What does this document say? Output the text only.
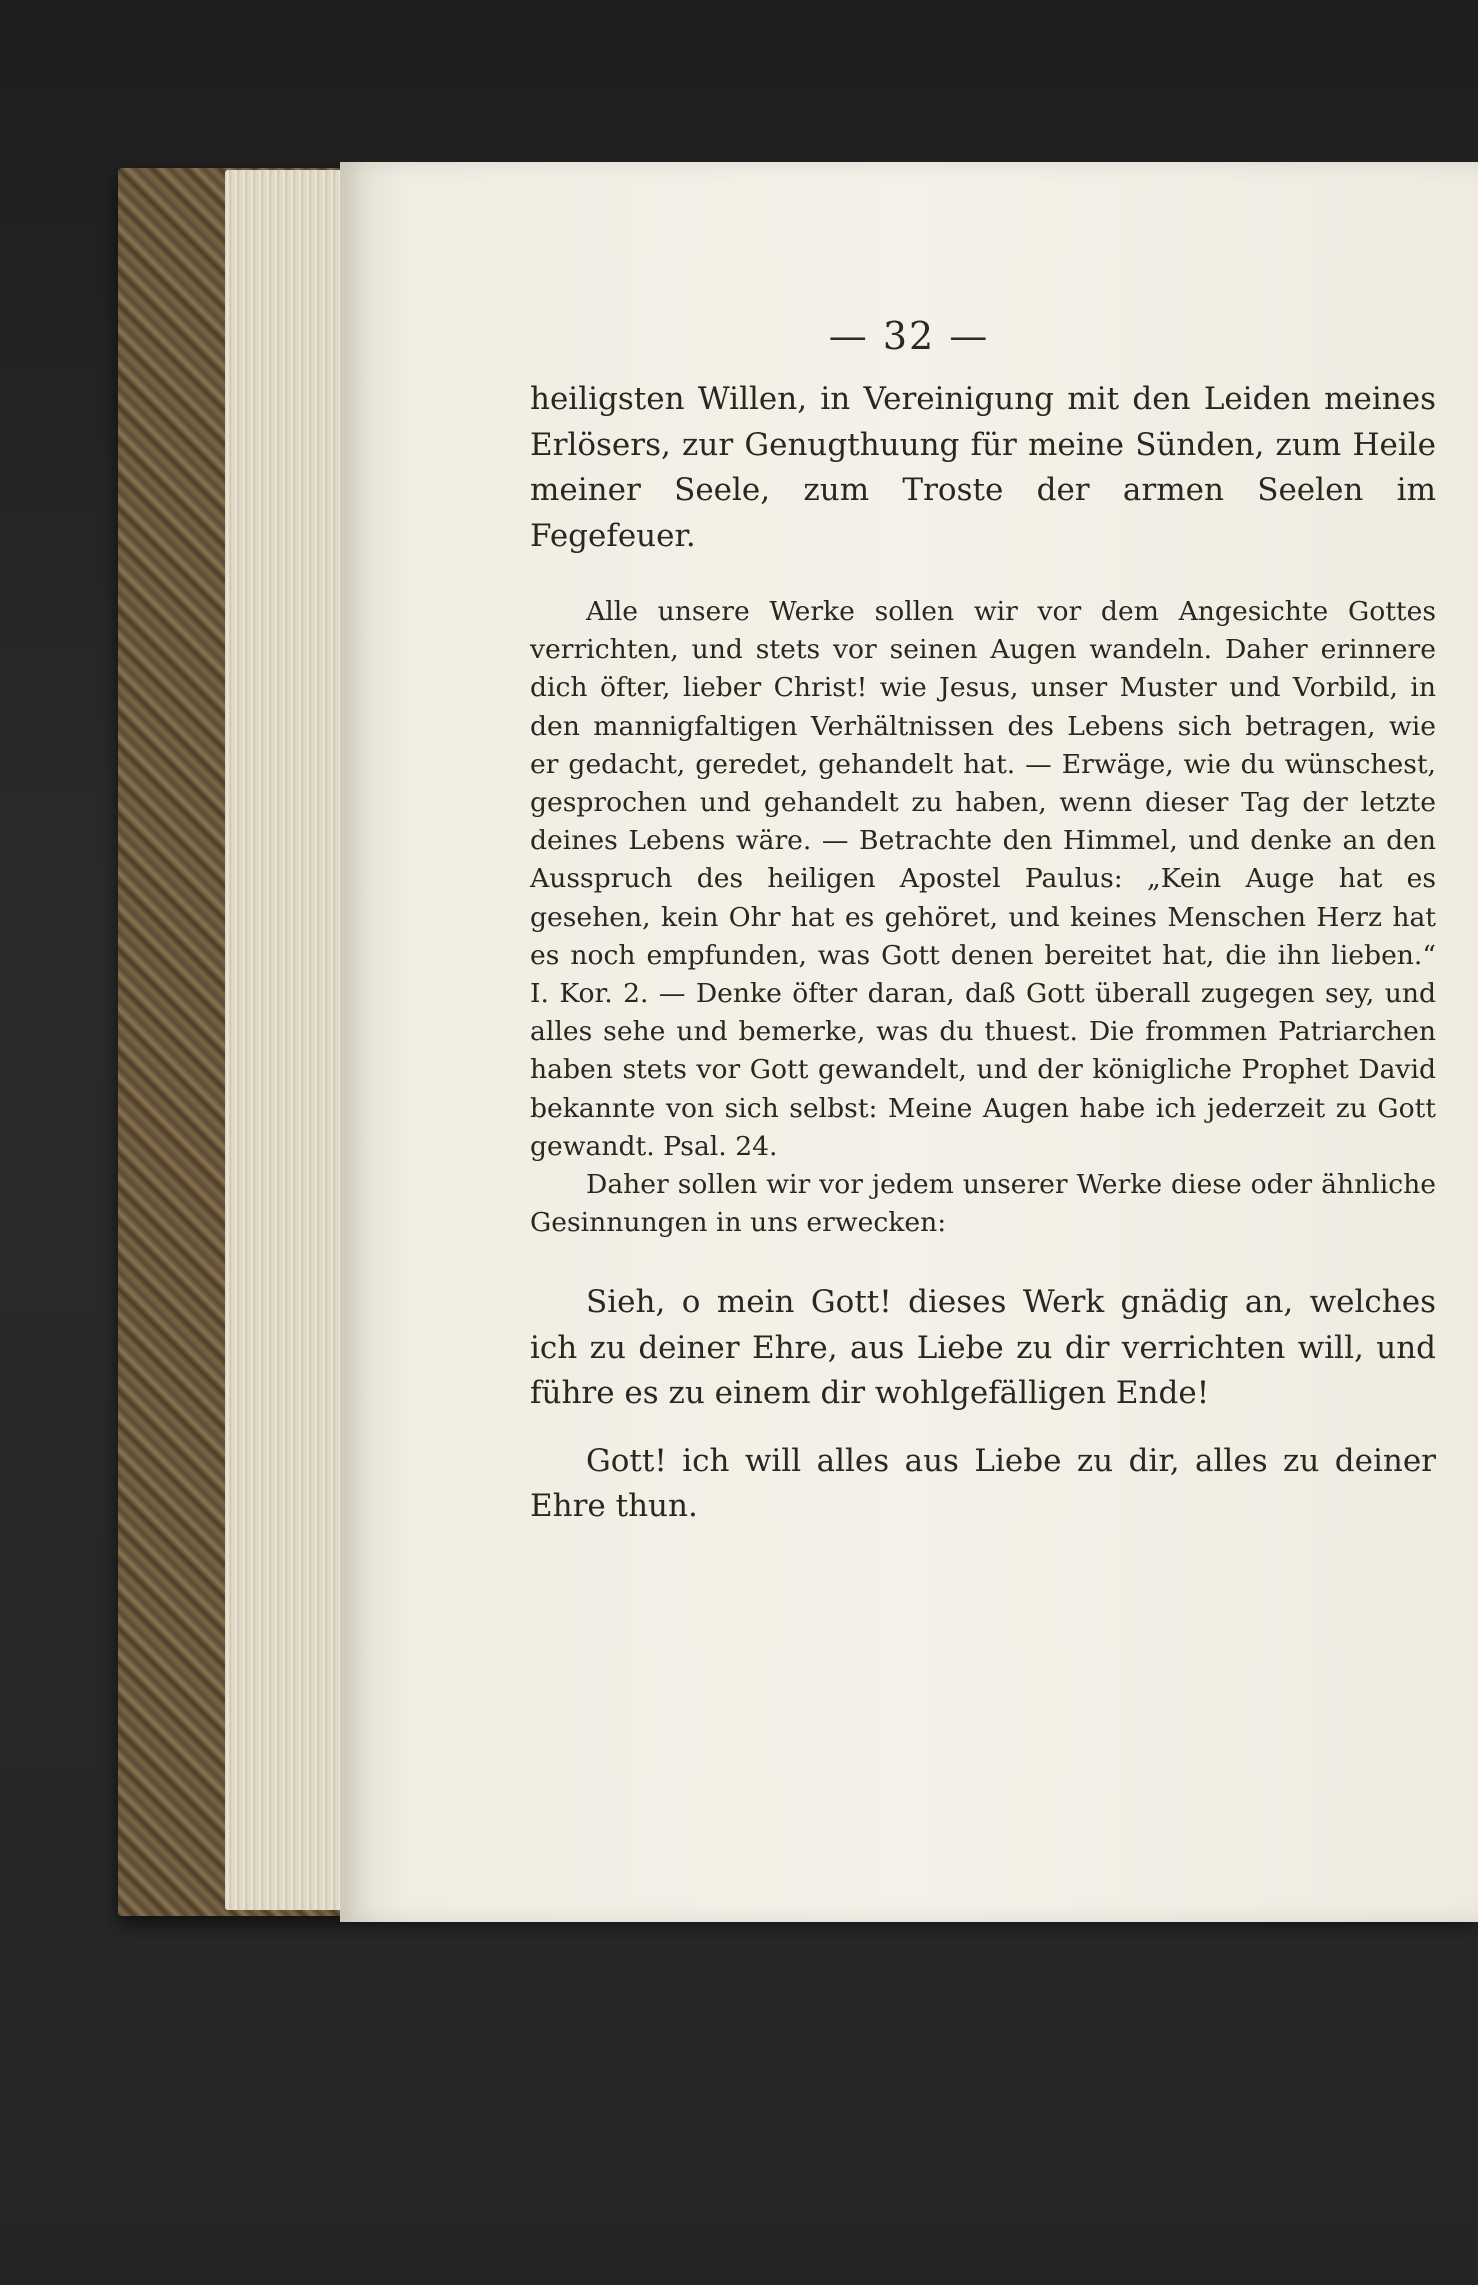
— 32 —

heiligsten Willen, in Vereinigung mit den Leiden meines Erlösers, zur Genugthuung für meine Sünden, zum Heile meiner Seele, zum Troste der armen Seelen im Fegefeuer.

Alle unsere Werke sollen wir vor dem Angesichte Gottes verrichten, und stets vor seinen Augen wandeln. Daher erinnere dich öfter, lieber Christ! wie Jesus, unser Muster und Vorbild, in den mannigfaltigen Verhältnissen des Lebens sich betragen, wie er gedacht, geredet, gehandelt hat. — Erwäge, wie du wünschest, gesprochen und gehandelt zu haben, wenn dieser Tag der letzte deines Lebens wäre. — Betrachte den Himmel, und denke an den Ausspruch des heiligen Apostel Paulus: „Kein Auge hat es gesehen, kein Ohr hat es gehöret, und keines Menschen Herz hat es noch empfunden, was Gott denen bereitet hat, die ihn lieben.“ I. Kor. 2. — Denke öfter daran, daß Gott überall zugegen sey, und alles sehe und bemerke, was du thuest. Die frommen Patriarchen haben stets vor Gott gewandelt, und der königliche Prophet David bekannte von sich selbst: Meine Augen habe ich jederzeit zu Gott gewandt. Psal. 24.

Daher sollen wir vor jedem unserer Werke diese oder ähnliche Gesinnungen in uns erwecken:

Sieh, o mein Gott! dieses Werk gnädig an, welches ich zu deiner Ehre, aus Liebe zu dir verrichten will, und führe es zu einem dir wohlgefälligen Ende!

Gott! ich will alles aus Liebe zu dir, alles zu deiner Ehre thun.
